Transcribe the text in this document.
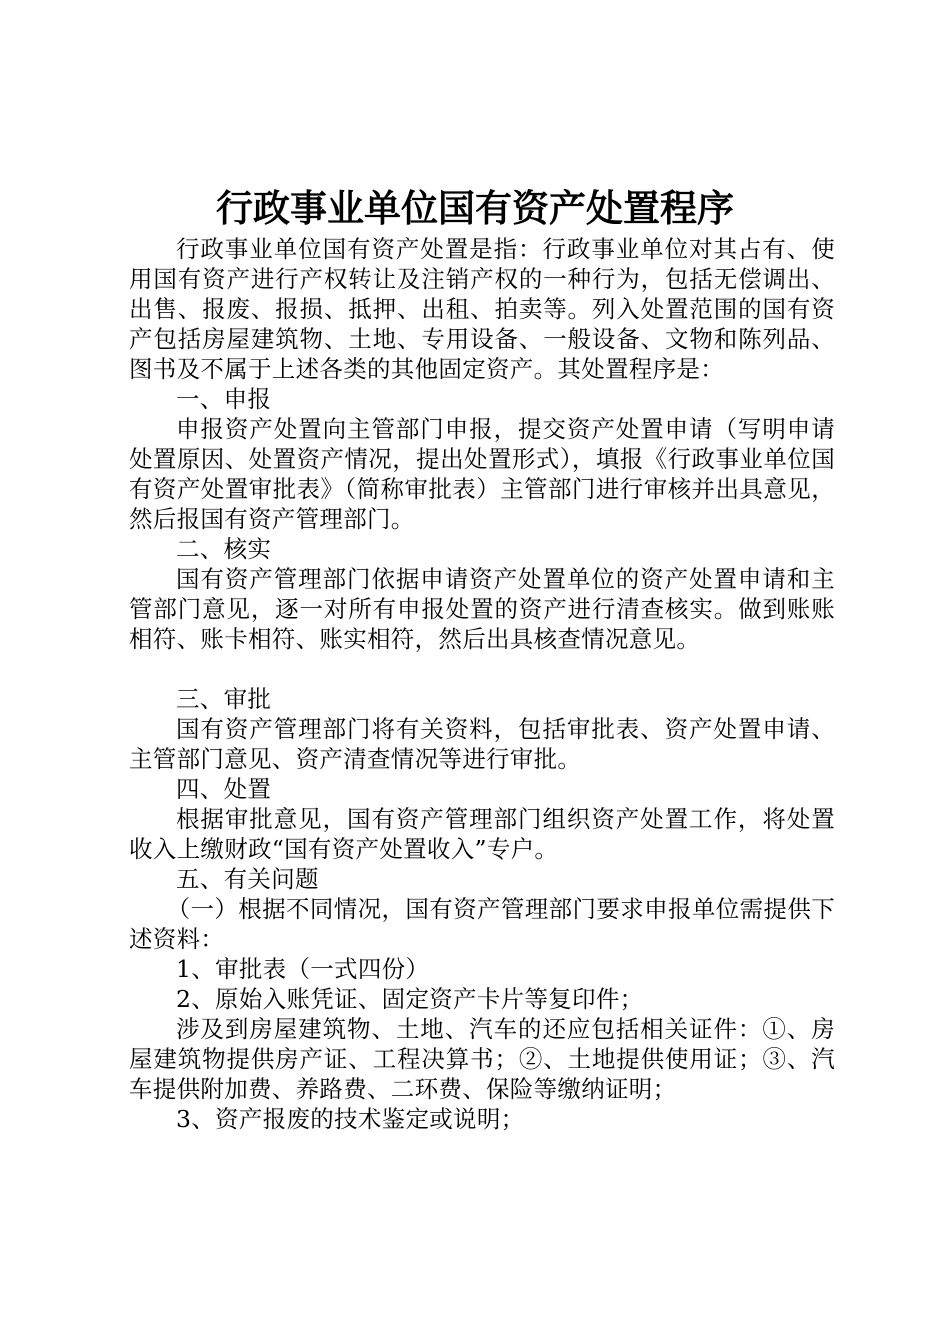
行政事业单位国有资产处置程序

行政事业单位国有资产处置是指：行政事业单位对其占有、使用国有资产进行产权转让及注销产权的一种行为，包括无偿调出、出售、报废、报损、抵押、出租、拍卖等。列入处置范围的国有资产包括房屋建筑物、土地、专用设备、一般设备、文物和陈列品、图书及不属于上述各类的其他固定资产。其处置程序是：

一、申报

申报资产处置向主管部门申报，提交资产处置申请（写明申请处置原因、处置资产情况，提出处置形式），填报《行政事业单位国有资产处置审批表》（简称审批表）主管部门进行审核并出具意见，然后报国有资产管理部门。

二、核实

国有资产管理部门依据申请资产处置单位的资产处置申请和主管部门意见，逐一对所有申报处置的资产进行清查核实。做到账账相符、账卡相符、账实相符，然后出具核查情况意见。

三、审批

国有资产管理部门将有关资料，包括审批表、资产处置申请、主管部门意见、资产清查情况等进行审批。

四、处置

根据审批意见，国有资产管理部门组织资产处置工作，将处置收入上缴财政“国有资产处置收入”专户。

五、有关问题

（一）根据不同情况，国有资产管理部门要求申报单位需提供下述资料：

1、审批表（一式四份）

2、原始入账凭证、固定资产卡片等复印件；

涉及到房屋建筑物、土地、汽车的还应包括相关证件：①、房屋建筑物提供房产证、工程决算书；②、土地提供使用证；③、汽车提供附加费、养路费、二环费、保险等缴纳证明；

3、资产报废的技术鉴定或说明；
